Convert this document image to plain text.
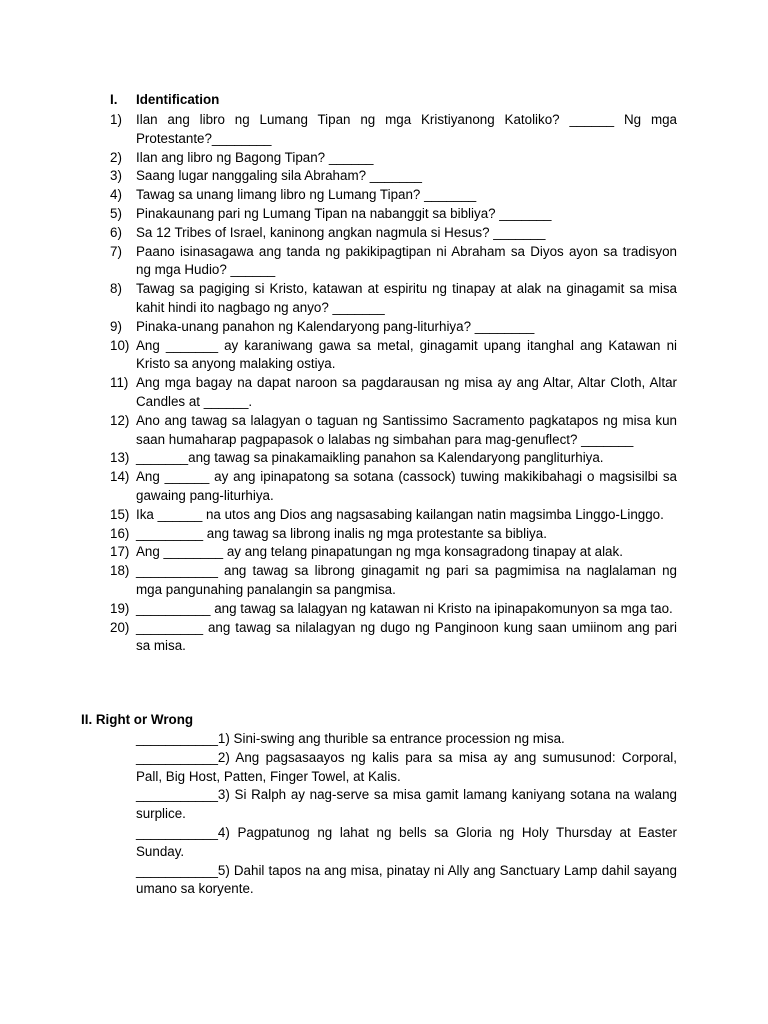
I. Identification
1) Ilan ang libro ng Lumang Tipan ng mga Kristiyanong Katoliko? ______ Ng mga Protestante?________
2) Ilan ang libro ng Bagong Tipan? ______
3) Saang lugar nanggaling sila Abraham? _______
4) Tawag sa unang limang libro ng Lumang Tipan? _______
5) Pinakaunang pari ng Lumang Tipan na nabanggit sa bibliya? _______
6) Sa 12 Tribes of Israel, kaninong angkan nagmula si Hesus? _______
7) Paano isinasagawa ang tanda ng pakikipagtipan ni Abraham sa Diyos ayon sa tradisyon ng mga Hudio? ______
8) Tawag sa pagiging si Kristo, katawan at espiritu ng tinapay at alak na ginagamit sa misa kahit hindi ito nagbago ng anyo? _______
9) Pinaka-unang panahon ng Kalendaryong pang-liturhiya? ________
10) Ang _______ ay karaniwang gawa sa metal, ginagamit upang itanghal ang Katawan ni Kristo sa anyong malaking ostiya.
11) Ang mga bagay na dapat naroon sa pagdarausan ng misa ay ang Altar, Altar Cloth, Altar Candles at ______.
12) Ano ang tawag sa lalagyan o taguan ng Santissimo Sacramento pagkatapos ng misa kun saan humaharap pagpapasok o lalabas ng simbahan para mag-genuflect? _______
13) _______ang tawag sa pinakamaikling panahon sa Kalendaryong pangliturhiya.
14) Ang ______ ay ang ipinapatong sa sotana (cassock) tuwing makikibahagi o magsisilbi sa gawaing pang-liturhiya.
15) Ika ______ na utos ang Dios ang nagsasabing kailangan natin magsimba Linggo-Linggo.
16) _________ ang tawag sa librong inalis ng mga protestante sa bibliya.
17) Ang ________ ay ang telang pinapatungan ng mga konsagradong tinapay at alak.
18) ___________ ang tawag sa librong ginagamit ng pari sa pagmimisa na naglalaman ng mga pangunahing panalangin sa pangmisa.
19) __________ ang tawag sa lalagyan ng katawan ni Kristo na ipinapakomunyon sa mga tao.
20) _________ ang tawag sa nilalagyan ng dugo ng Panginoon kung saan umiinom ang pari sa misa.
II. Right or Wrong
___________1) Sini-swing ang thurible sa entrance procession ng misa.
___________2) Ang pagsasaayos ng kalis para sa misa ay ang sumusunod: Corporal, Pall, Big Host, Patten, Finger Towel, at Kalis.
___________3) Si Ralph ay nag-serve sa misa gamit lamang kaniyang sotana na walang surplice.
___________4) Pagpatunog ng lahat ng bells sa Gloria ng Holy Thursday at Easter Sunday.
___________5) Dahil tapos na ang misa, pinatay ni Ally ang Sanctuary Lamp dahil sayang umano sa koryente.
